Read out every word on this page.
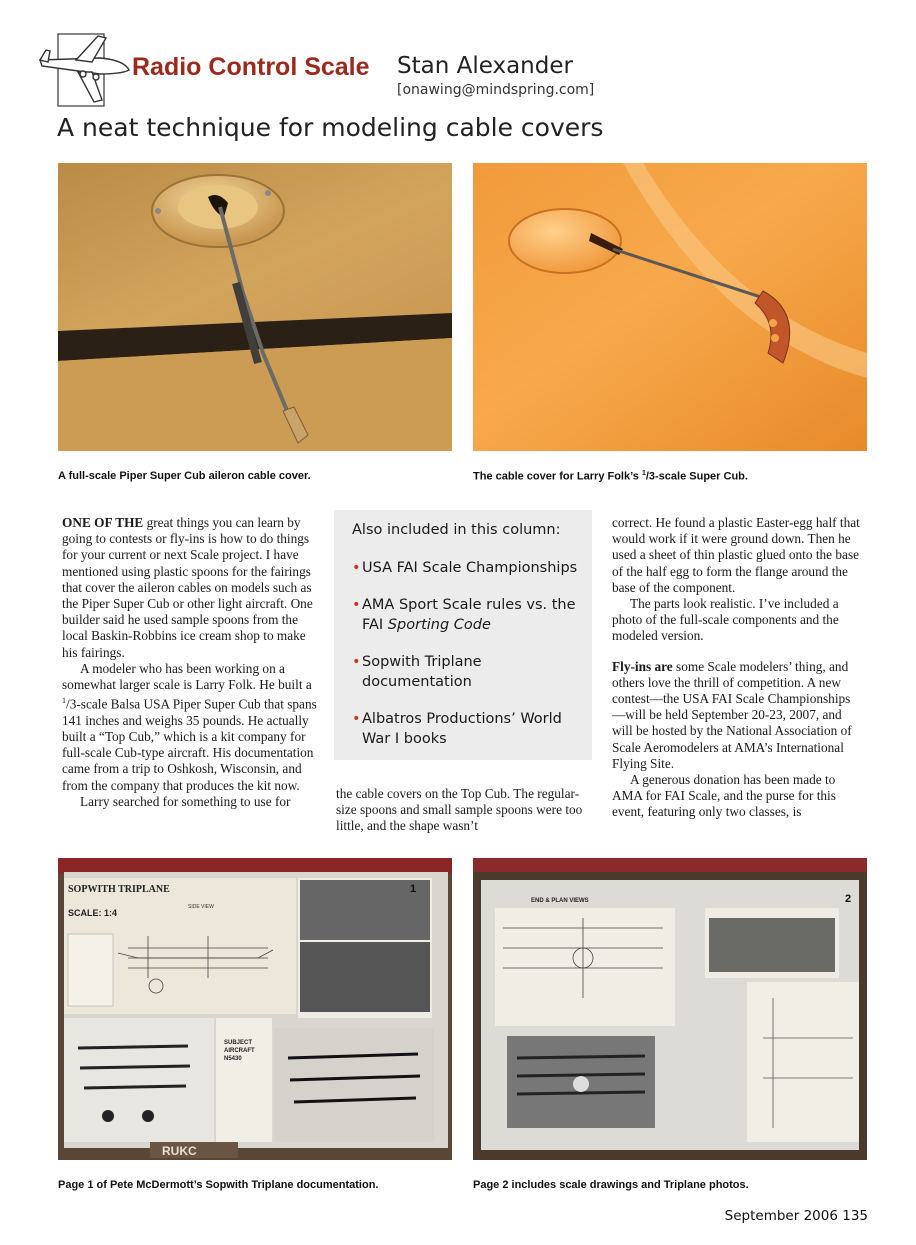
Radio Control Scale Stan Alexander
[onawing@mindspring.com]
A neat technique for modeling cable covers
A full-scale Piper Super Cub aileron cable cover.	The cable cover for Larry Folk’s $^1$/3-scale Super Cub.

ONE OF THE great things you can learn by going to contests or fly-ins is how to do things for your current or next Scale project. I have mentioned using plastic spoons for the fairings that cover the aileron cables on models such as the Piper Super Cub or other light aircraft. One builder said he used sample spoons from the local Baskin-Robbins ice cream shop to make his fairings.

A modeler who has been working on a somewhat larger scale is Larry Folk. He built a $^1$/3-scale Balsa USA Piper Super Cub that spans 141 inches and weighs 35 pounds. He actually built a “Top Cub,” which is a kit company for full-scale Cub-type aircraft. His documentation came from a trip to Oshkosh, Wisconsin, and from the company that produces the kit now.

Larry searched for something to use for

Also included in this column:
• USA FAI Scale Championships
• AMA Sport Scale rules vs. the FAI Sporting Code
• Sopwith Triplane documentation
• Albatros Productions’ World War I books

the cable covers on the Top Cub. The regular-size spoons and small sample spoons were too little, and the shape wasn’t

correct. He found a plastic Easter-egg half that would work if it were ground down. Then he used a sheet of thin plastic glued onto the base of the half egg to form the flange around the base of the component.

The parts look realistic. I’ve included a photo of the full-scale components and the modeled version.

Fly-ins are some Scale modelers’ thing, and others love the thrill of competition. A new contest—the USA FAI Scale Championships—will be held September 20-23, 2007, and will be hosted by the National Association of Scale Aeromodelers at AMA’s International Flying Site.

A generous donation has been made to AMA for FAI Scale, and the purse for this event, featuring only two classes, is

SOPWITH TRIPLANE
SCALE: 1:4
SIDE VIEW
1
SUBJECT
AIRCRAFT
N5430
RUKC
END & PLAN VIEWS	2
Page 1 of Pete McDermott’s Sopwith Triplane documentation.	Page 2 includes scale drawings and Triplane photos.
September 2006 135
